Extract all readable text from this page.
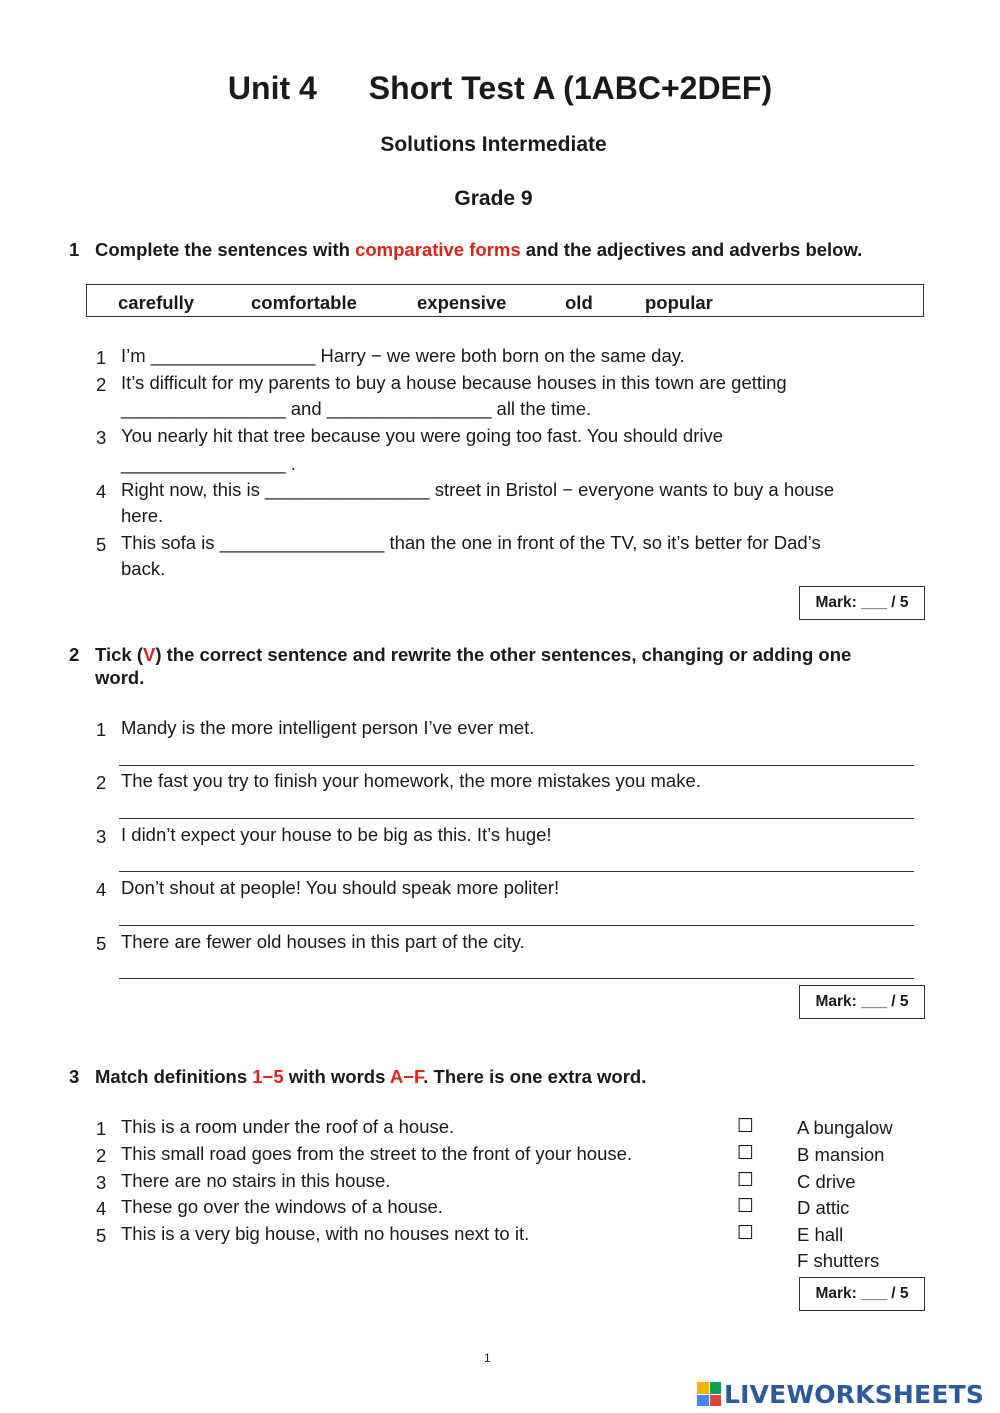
Unit 4 Short Test A (1ABC+2DEF)
Solutions Intermediate
Grade 9
1 Complete the sentences with comparative forms and the adjectives and adverbs below.
carefully	comfortable	expensive	old	popular
1 I’m ________________ Harry − we were both born on the same day.
2 It’s difficult for my parents to buy a house because houses in this town are getting
________________ and ________________ all the time.
3 You nearly hit that tree because you were going too fast. You should drive
________________ .
4 Right now, this is ________________ street in Bristol − everyone wants to buy a house
here.
5 This sofa is ________________ than the one in front of the TV, so it’s better for Dad’s
back.
Mark: ___ / 5
2 Tick (V) the correct sentence and rewrite the other sentences, changing or adding one word.
1 Mandy is the more intelligent person I’ve ever met.
2 The fast you try to finish your homework, the more mistakes you make.
3 I didn’t expect your house to be big as this. It’s huge!
4 Don’t shout at people! You should speak more politer!
5 There are fewer old houses in this part of the city.
Mark: ___ / 5
3 Match definitions 1−5 with words A−F. There is one extra word.
1 This is a room under the roof of a house.	☐
2 This small road goes from the street to the front of your house.	☐
3 There are no stairs in this house.	☐
4 These go over the windows of a house.	☐
5 This is a very big house, with no houses next to it.	☐
A bungalow
B mansion
C drive
D attic
E hall
F shutters
Mark: ___ / 5
1
LIVEWORKSHEETS
